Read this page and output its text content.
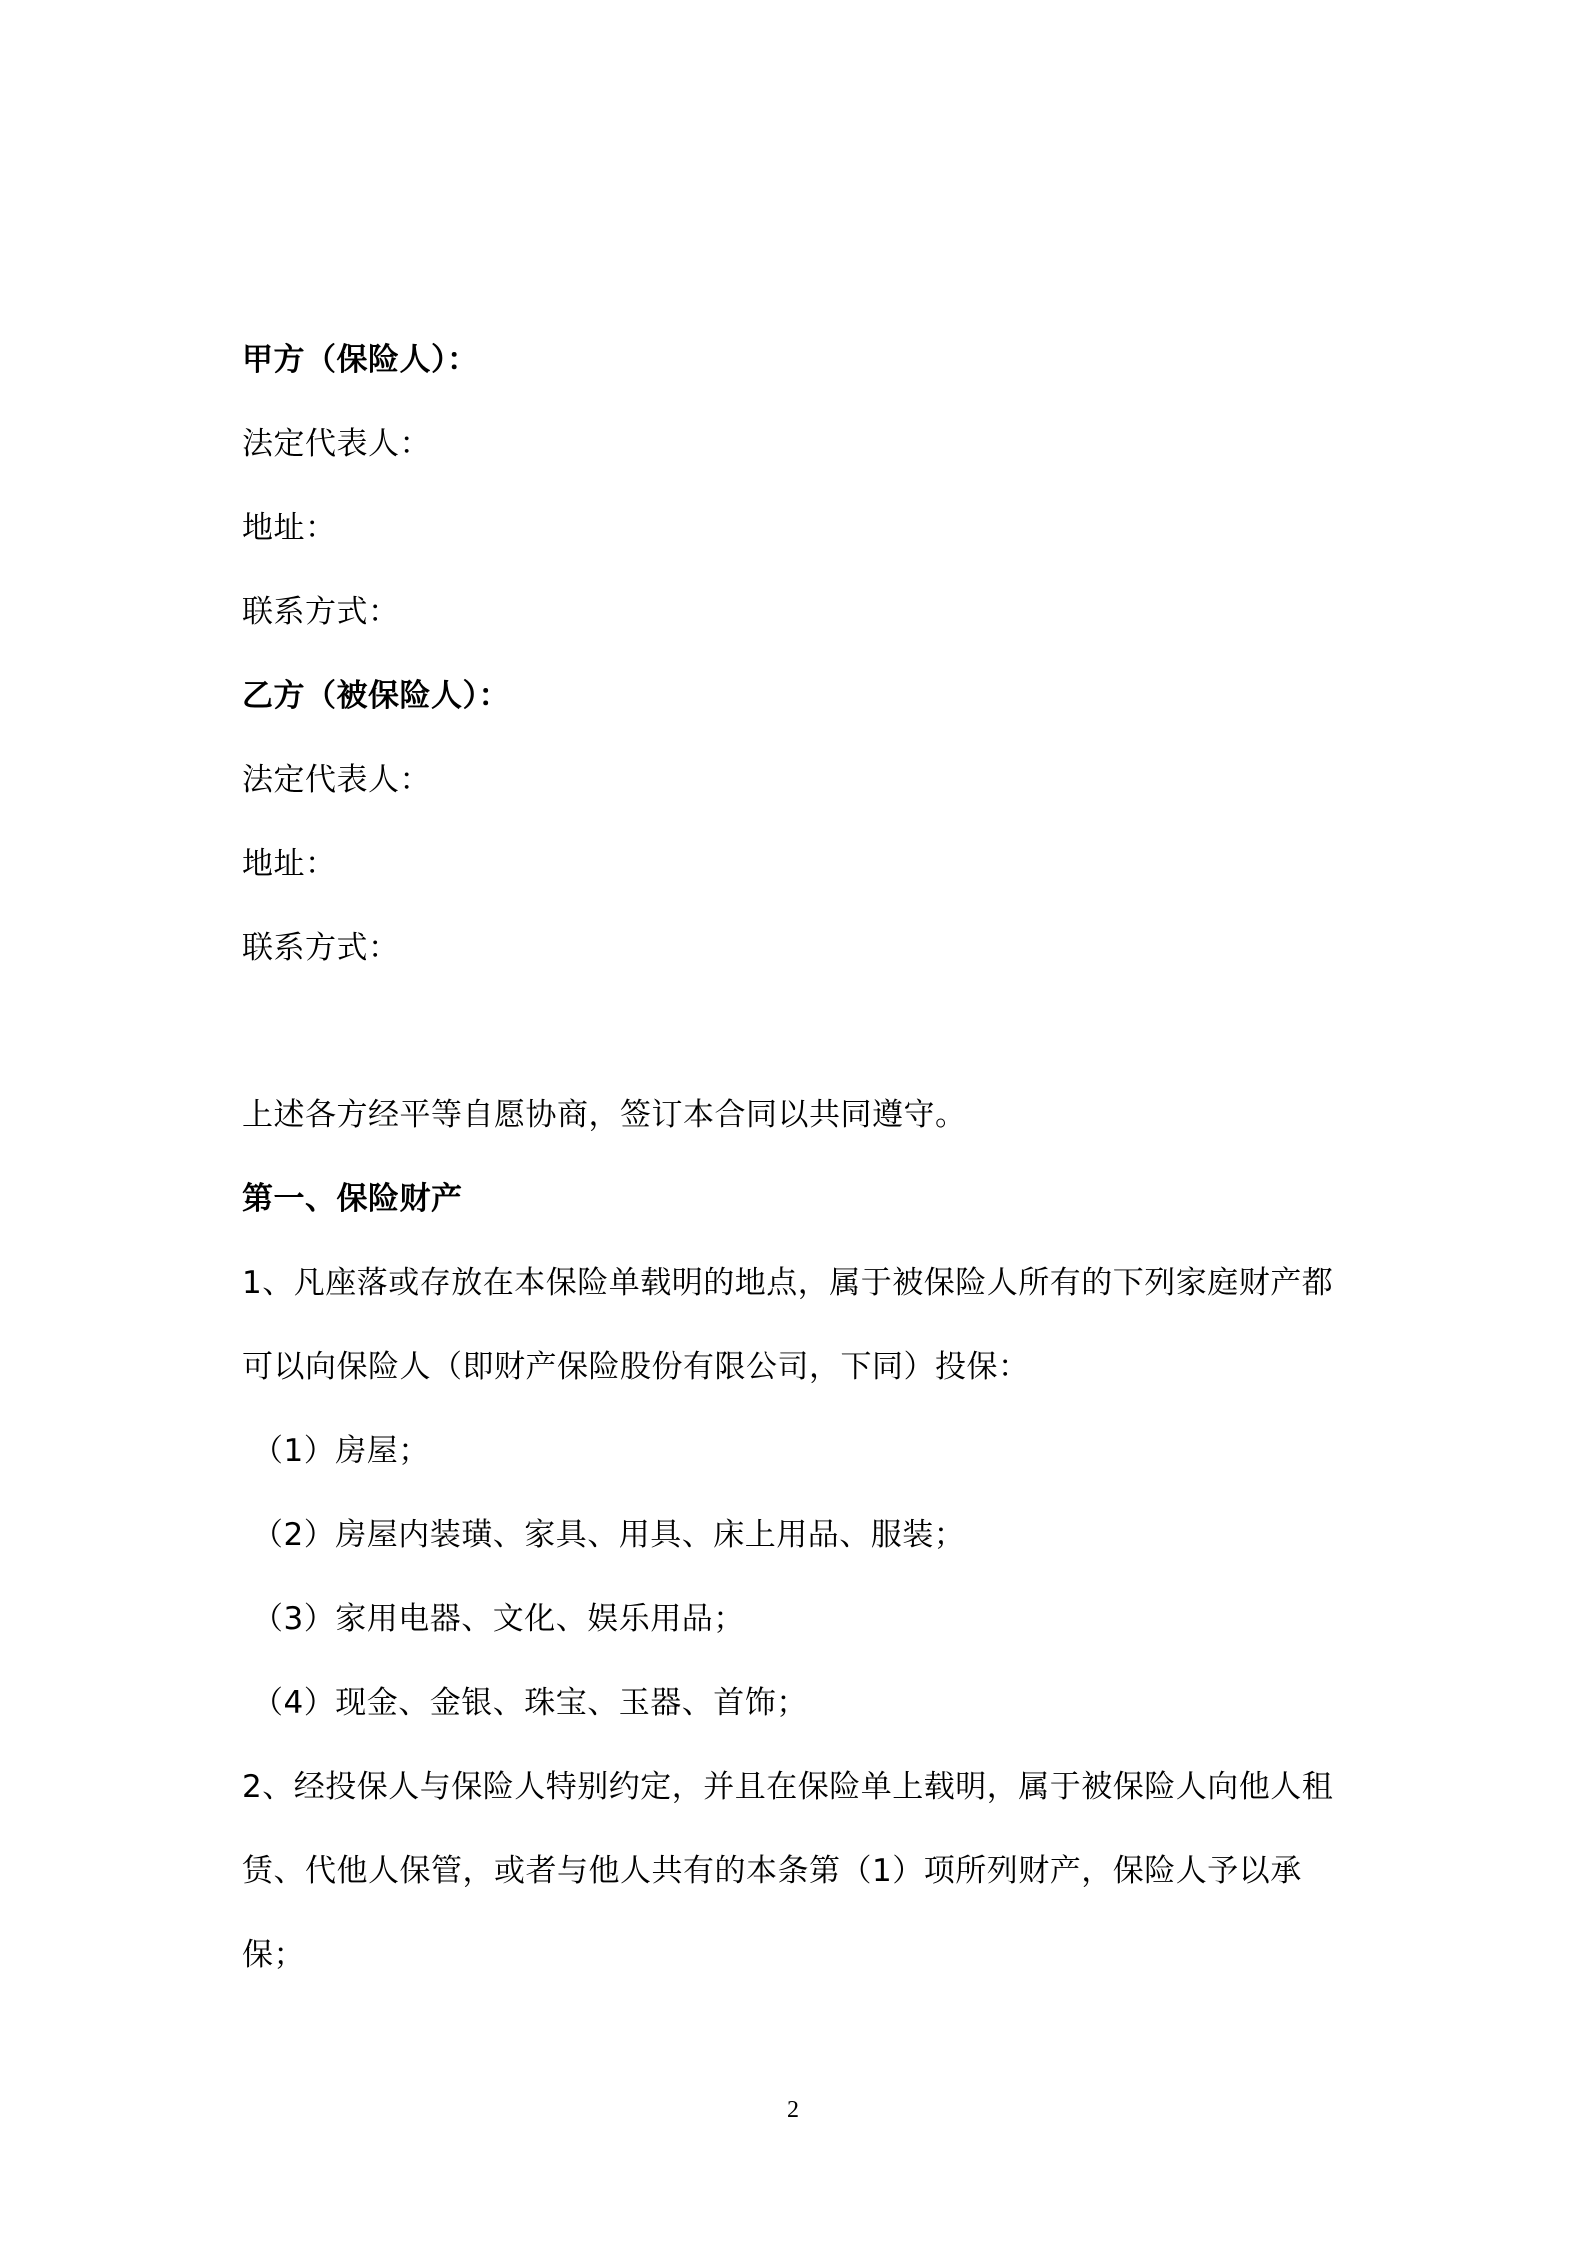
甲方（保险人）：
法定代表人：
地址：
联系方式：
乙方（被保险人）：
法定代表人：
地址：
联系方式：
上述各方经平等自愿协商，签订本合同以共同遵守。
第一、保险财产
1、凡座落或存放在本保险单载明的地点，属于被保险人所有的下列家庭财产都
可以向保险人（即财产保险股份有限公司，下同）投保：
（1）房屋；
（2）房屋内装璜、家具、用具、床上用品、服装；
（3）家用电器、文化、娱乐用品；
（4）现金、金银、珠宝、玉器、首饰；
2、经投保人与保险人特别约定，并且在保险单上载明，属于被保险人向他人租
赁、代他人保管，或者与他人共有的本条第（1）项所列财产，保险人予以承
保；
2
